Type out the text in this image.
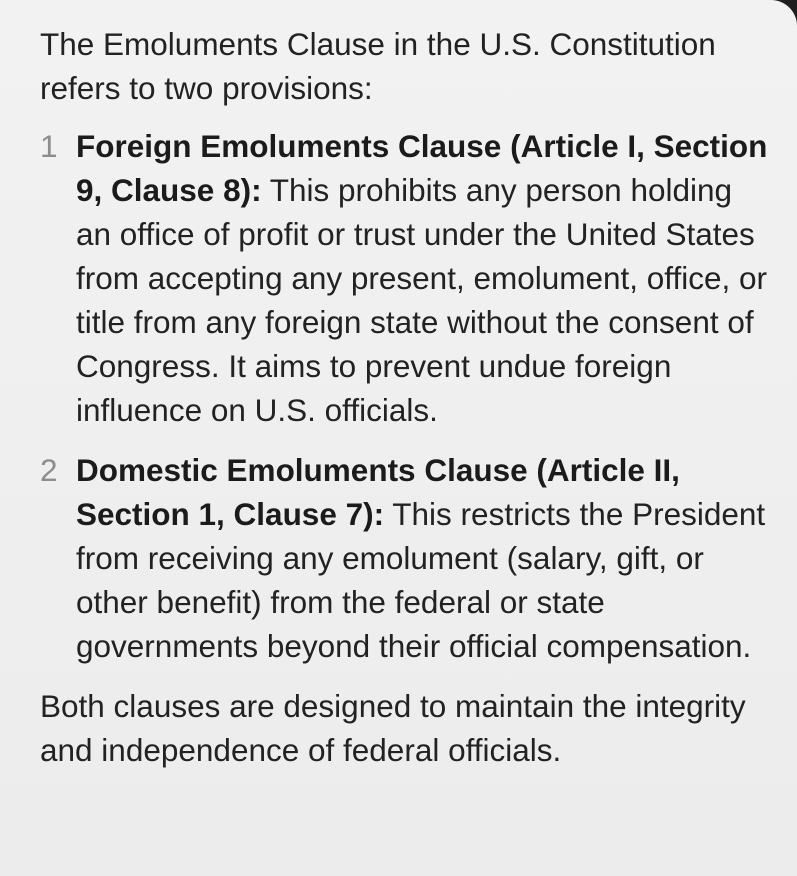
The Emoluments Clause in the U.S. Constitution refers to two provisions:

1 Foreign Emoluments Clause (Article I, Section 9, Clause 8): This prohibits any person holding an office of profit or trust under the United States from accepting any present, emolument, office, or title from any foreign state without the consent of Congress. It aims to prevent undue foreign influence on U.S. officials.
2 Domestic Emoluments Clause (Article II, Section 1, Clause 7): This restricts the President from receiving any emolument (salary, gift, or other benefit) from the federal or state governments beyond their official compensation.

Both clauses are designed to maintain the integrity and independence of federal officials.
